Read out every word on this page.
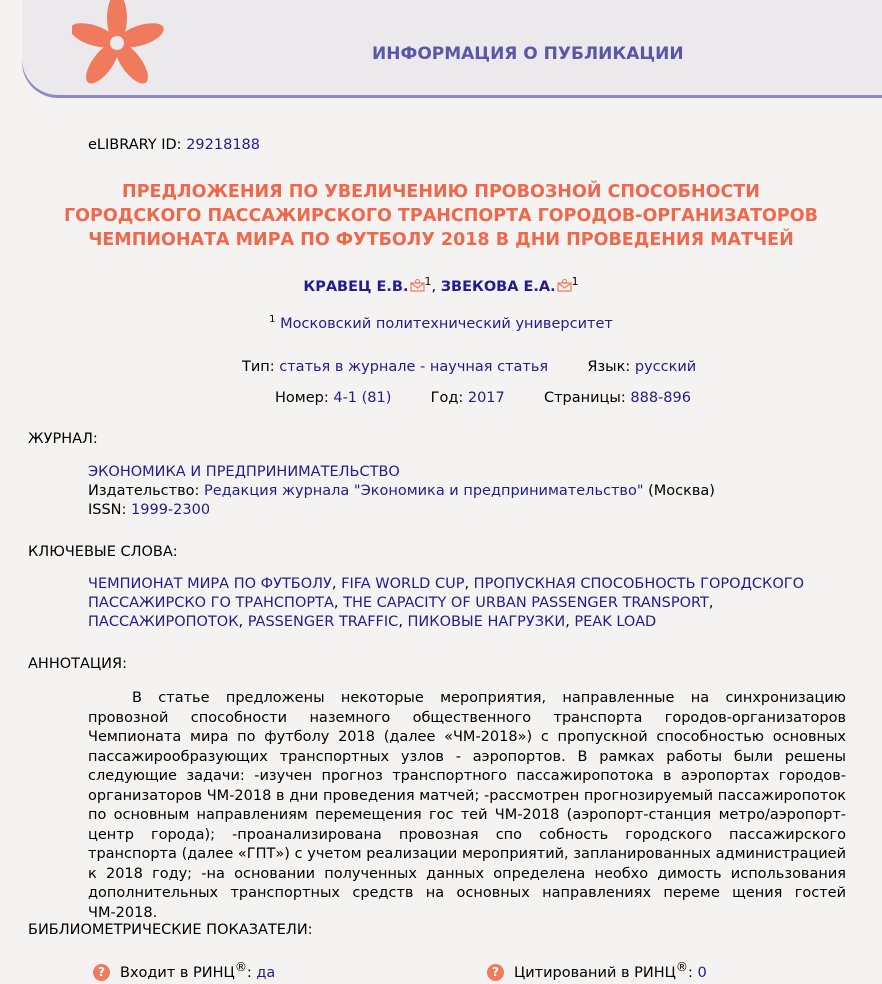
ИНФОРМАЦИЯ О ПУБЛИКАЦИИ
eLIBRARY ID: 29218188
ПРЕДЛОЖЕНИЯ ПО УВЕЛИЧЕНИЮ ПРОВОЗНОЙ СПОСОБНОСТИ
ГОРОДСКОГО ПАССАЖИРСКОГО ТРАНСПОРТА ГОРОДОВ-ОРГАНИЗАТОРОВ
ЧЕМПИОНАТА МИРА ПО ФУТБОЛУ 2018 В ДНИ ПРОВЕДЕНИЯ МАТЧЕЙ
КРАВЕЦ Е.В. $^1$, ЗВЕКОВА Е.А. $^1$
$^1$ Московский политехнический университет
Тип: статья в журнале - научная статья	Язык: русский
Номер: 4-1 (81)	Год: 2017	Страницы: 888-896
ЖУРНАЛ:
ЭКОНОМИКА И ПРЕДПРИНИМАТЕЛЬСТВО
Издательство: Редакция журнала "Экономика и предпринимательство" (Москва)
ISSN: 1999-2300
КЛЮЧЕВЫЕ СЛОВА:
ЧЕМПИОНАТ МИРА ПО ФУТБОЛУ, FIFA WORLD CUP, ПРОПУСКНАЯ СПОСОБНОСТЬ ГОРОДСКОГО ПАССАЖИРСКО ГО ТРАНСПОРТА, THE CAPACITY OF URBAN PASSENGER TRANSPORT, ПАССАЖИРОПОТОК, PASSENGER TRAFFIC, ПИКОВЫЕ НАГРУЗКИ, PEAK LOAD
АННОТАЦИЯ:
В статье предложены некоторые мероприятия, направленные на синхронизацию провозной способности наземного общественного транспорта городов-организаторов Чемпионата мира по футболу 2018 (далее «ЧМ-2018») с пропускной способностью основных пассажирообразующих транспортных узлов - аэропортов. В рамках работы были решены следующие задачи: -изучен прогноз транспортного пассажиропотока в аэропортах городов-организаторов ЧМ-2018 в дни проведения матчей; -рассмотрен прогнозируемый пассажиропоток по основным направлениям перемещения гос тей ЧМ-2018 (аэропорт-станция метро/аэропорт-центр города); -проанализирована провозная спо собность городского пассажирского транспорта (далее «ГПТ») с учетом реализации мероприятий, запланированных администрацией к 2018 году; -на основании полученных данных определена необхо димость использования дополнительных транспортных средств на основных направлениях переме щения гостей ЧМ-2018.
БИБЛИОМЕТРИЧЕСКИЕ ПОКАЗАТЕЛИ:
? Входит в РИНЦ®: да	? Цитирований в РИНЦ®: 0
